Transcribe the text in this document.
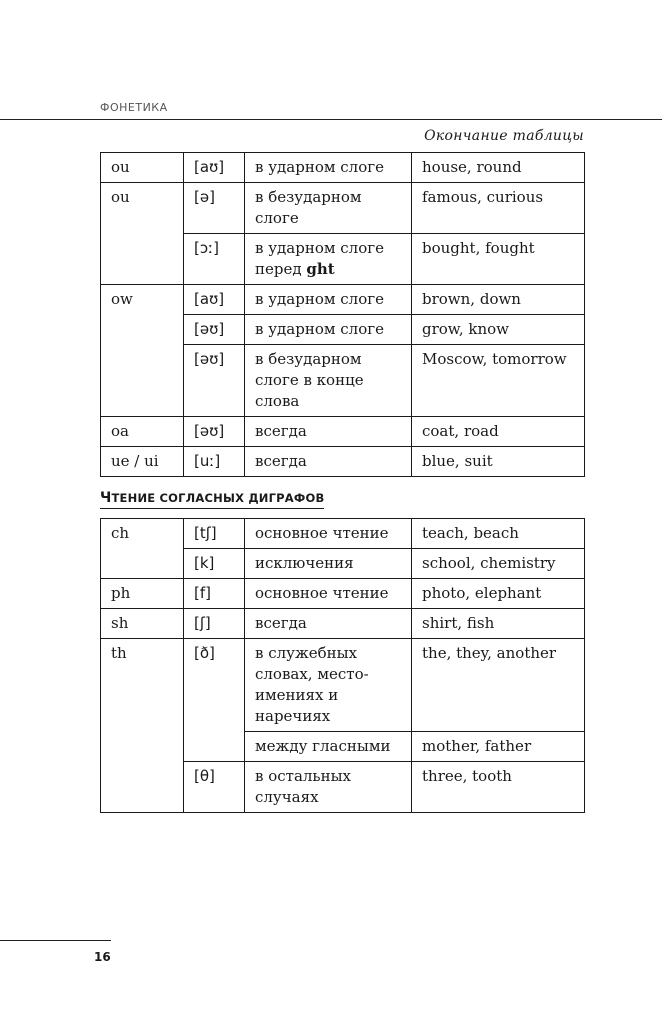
ФОНЕТИКА
Окончание таблицы
ou	[aʊ]	в ударном слоге	house, round
ou	[ə]	в безударном слоге	famous, curious
	[ɔː]	в ударном слоге перед ght	bought, fought
ow	[aʊ]	в ударном слоге	brown, down
	[əʊ]	в ударном слоге	grow, know
	[əʊ]	в безударном слоге в конце слова	Moscow, tomorrow
oa	[əʊ]	всегда	coat, road
ue / ui	[uː]	всегда	blue, suit
ЧТЕНИЕ СОГЛАСНЫХ ДИГРАФОВ
ch	[tʃ]	основное чтение	teach, beach
	[k]	исключения	school, chemistry
ph	[f]	основное чтение	photo, elephant
sh	[ʃ]	всегда	shirt, fish
th	[ð]	в служебных словах, место-имениях и наречиях	the, they, another
		между гласными	mother, father
	[θ]	в остальных случаях	three, tooth
16
